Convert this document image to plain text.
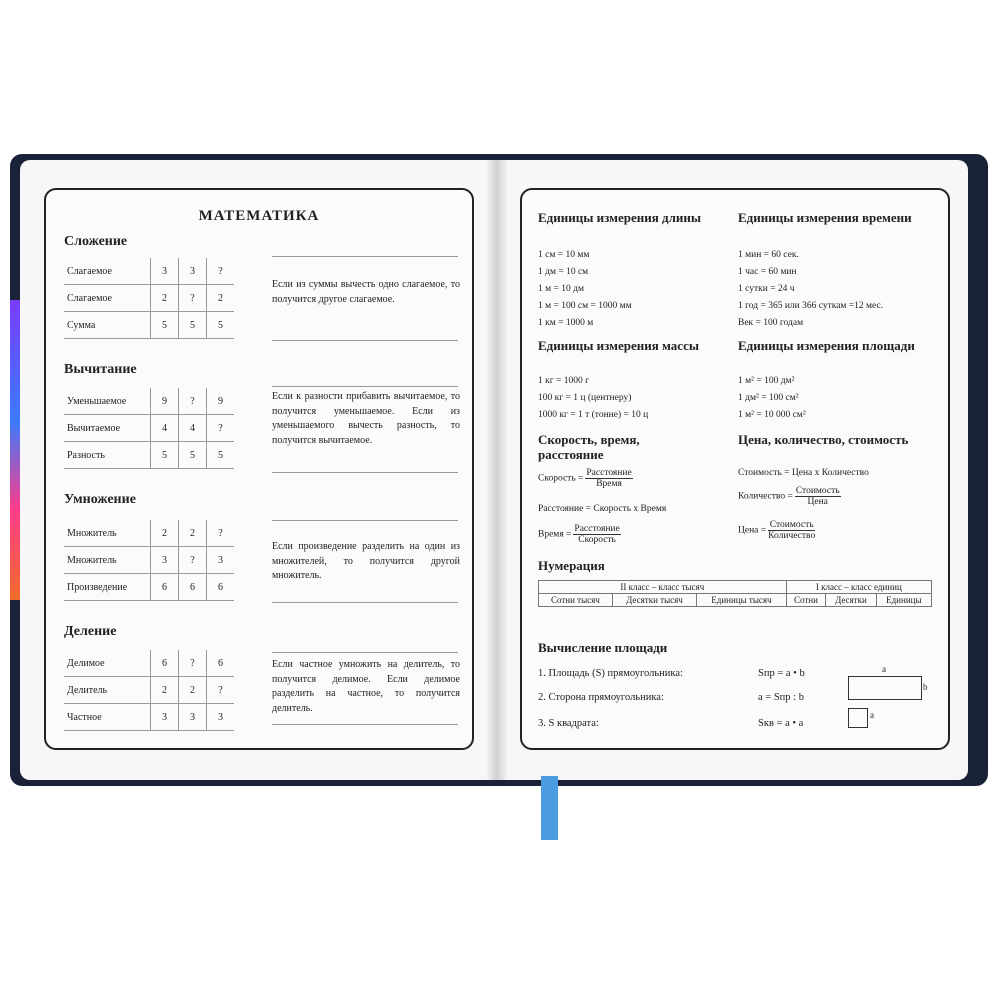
МАТЕМАТИКА
Сложение
Слагаемое	3	3	?
Слагаемое	2	?	2
Сумма	5	5	5
Если из суммы вычесть одно слагаемое, то получится другое слагаемое.
Вычитание
Уменьшаемое	9	?	9
Вычитаемое	4	4	?
Разность	5	5	5
Если к разности прибавить вычитаемое, то получится уменьшаемое. Если из уменьшаемого вычесть разность, то получится вычитаемое.
Умножение
Множитель	2	2	?
Множитель	3	?	3
Произведение	6	6	6
Если произведение разделить на один из множителей, то получится другой множитель.
Деление
Делимое	6	?	6
Делитель	2	2	?
Частное	3	3	3
Если частное умножить на делитель, то получится делимое. Если делимое разделить на частное, то получится делитель.
Единицы измерения длины
1 см = 10 мм
1 дм = 10 см
1 м = 10 дм
1 м = 100 см = 1000 мм
1 км = 1000 м
Единицы измерения времени
1 мин = 60 сек.
1 час = 60 мин
1 сутки = 24 ч
1 год = 365 или 366 суткам =12 мес.
Век = 100 годам
Единицы измерения массы
1 кг = 1000 г
100 кг = 1 ц (центнеру)
1000 кг = 1 т (тонне) = 10 ц
Единицы измерения площади
1 м² = 100 дм²
1 дм² = 100 см²
1 м² = 10 000 см²
Скорость, время, расстояние
Скорость = $\frac{\text{Расстояние}}{\text{Время}}$
Расстояние = Скорость х Время
Время = $\frac{\text{Расстояние}}{\text{Скорость}}$
Цена, количество, стоимость
Стоимость = Цена х Количество
Количество = $\frac{\text{Стоимость}}{\text{Цена}}$
Цена = $\frac{\text{Стоимость}}{\text{Количество}}$
Нумерация
II класс – класс тысяч			I класс – класс единиц		
Сотни тысяч	Десятки тысяч	Единицы тысяч	Сотни	Десятки	Единицы
Вычисление площади
1. Площадь (S) прямоугольника:	Sпр = a • b
2. Сторона прямоугольника:	a = Sпр : b
3. S квадрата:	Sкв = a • a
a
b
a
